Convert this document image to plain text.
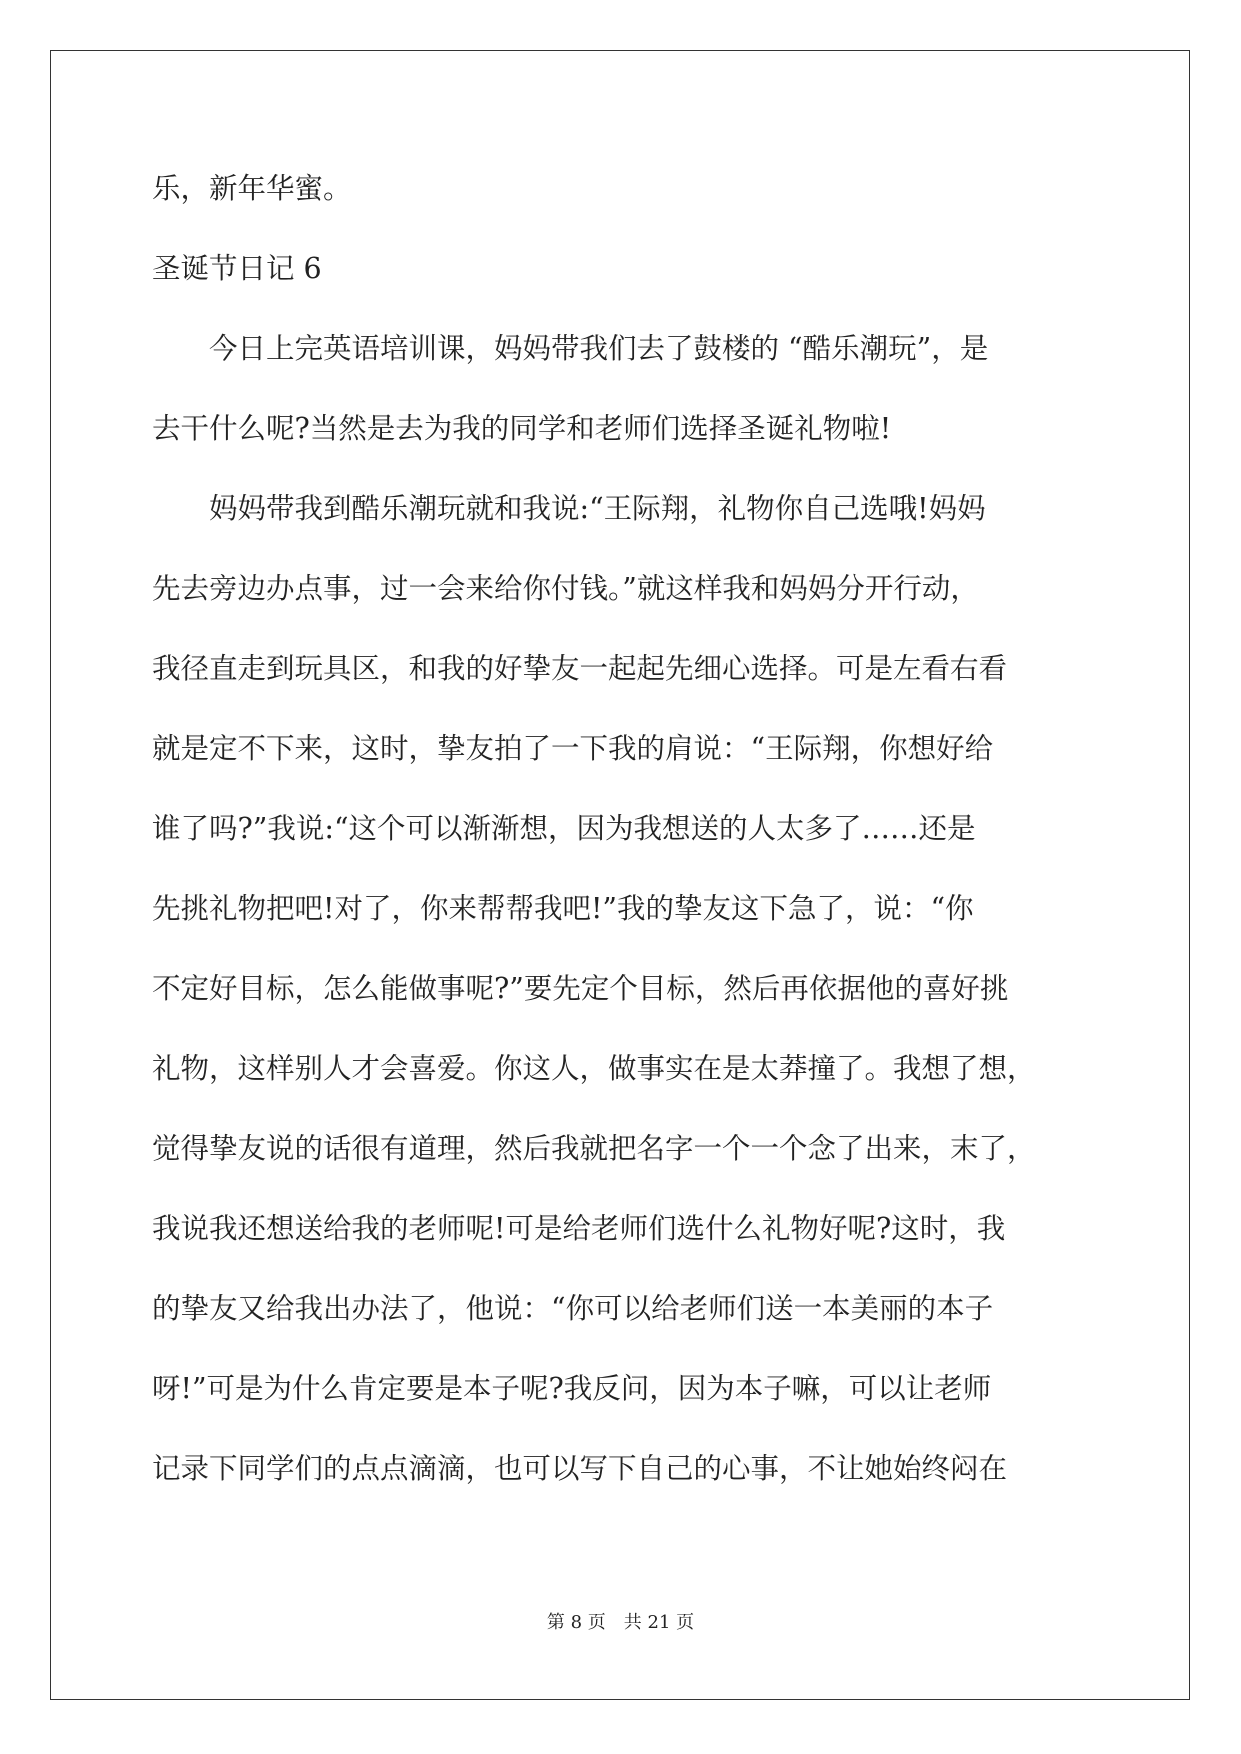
乐，新年华蜜。

圣诞节日记 6

　　今日上完英语培训课，妈妈带我们去了鼓楼的 “酷乐潮玩”，是

去干什么呢?当然是去为我的同学和老师们选择圣诞礼物啦!

　　妈妈带我到酷乐潮玩就和我说:“王际翔，礼物你自己选哦!妈妈

先去旁边办点事，过一会来给你付钱。”就这样我和妈妈分开行动，

我径直走到玩具区，和我的好挚友一起起先细心选择。可是左看右看

就是定不下来，这时，挚友拍了一下我的肩说：“王际翔，你想好给

谁了吗?”我说:“这个可以渐渐想，因为我想送的人太多了……还是

先挑礼物把吧!对了，你来帮帮我吧!”我的挚友这下急了，说：“你

不定好目标，怎么能做事呢?”要先定个目标，然后再依据他的喜好挑

礼物，这样别人才会喜爱。你这人，做事实在是太莽撞了。我想了想，

觉得挚友说的话很有道理，然后我就把名字一个一个念了出来，末了，

我说我还想送给我的老师呢!可是给老师们选什么礼物好呢?这时，我

的挚友又给我出办法了，他说：“你可以给老师们送一本美丽的本子

呀!”可是为什么肯定要是本子呢?我反问，因为本子嘛，可以让老师

记录下同学们的点点滴滴，也可以写下自己的心事，不让她始终闷在

第 8 页　共 21 页
